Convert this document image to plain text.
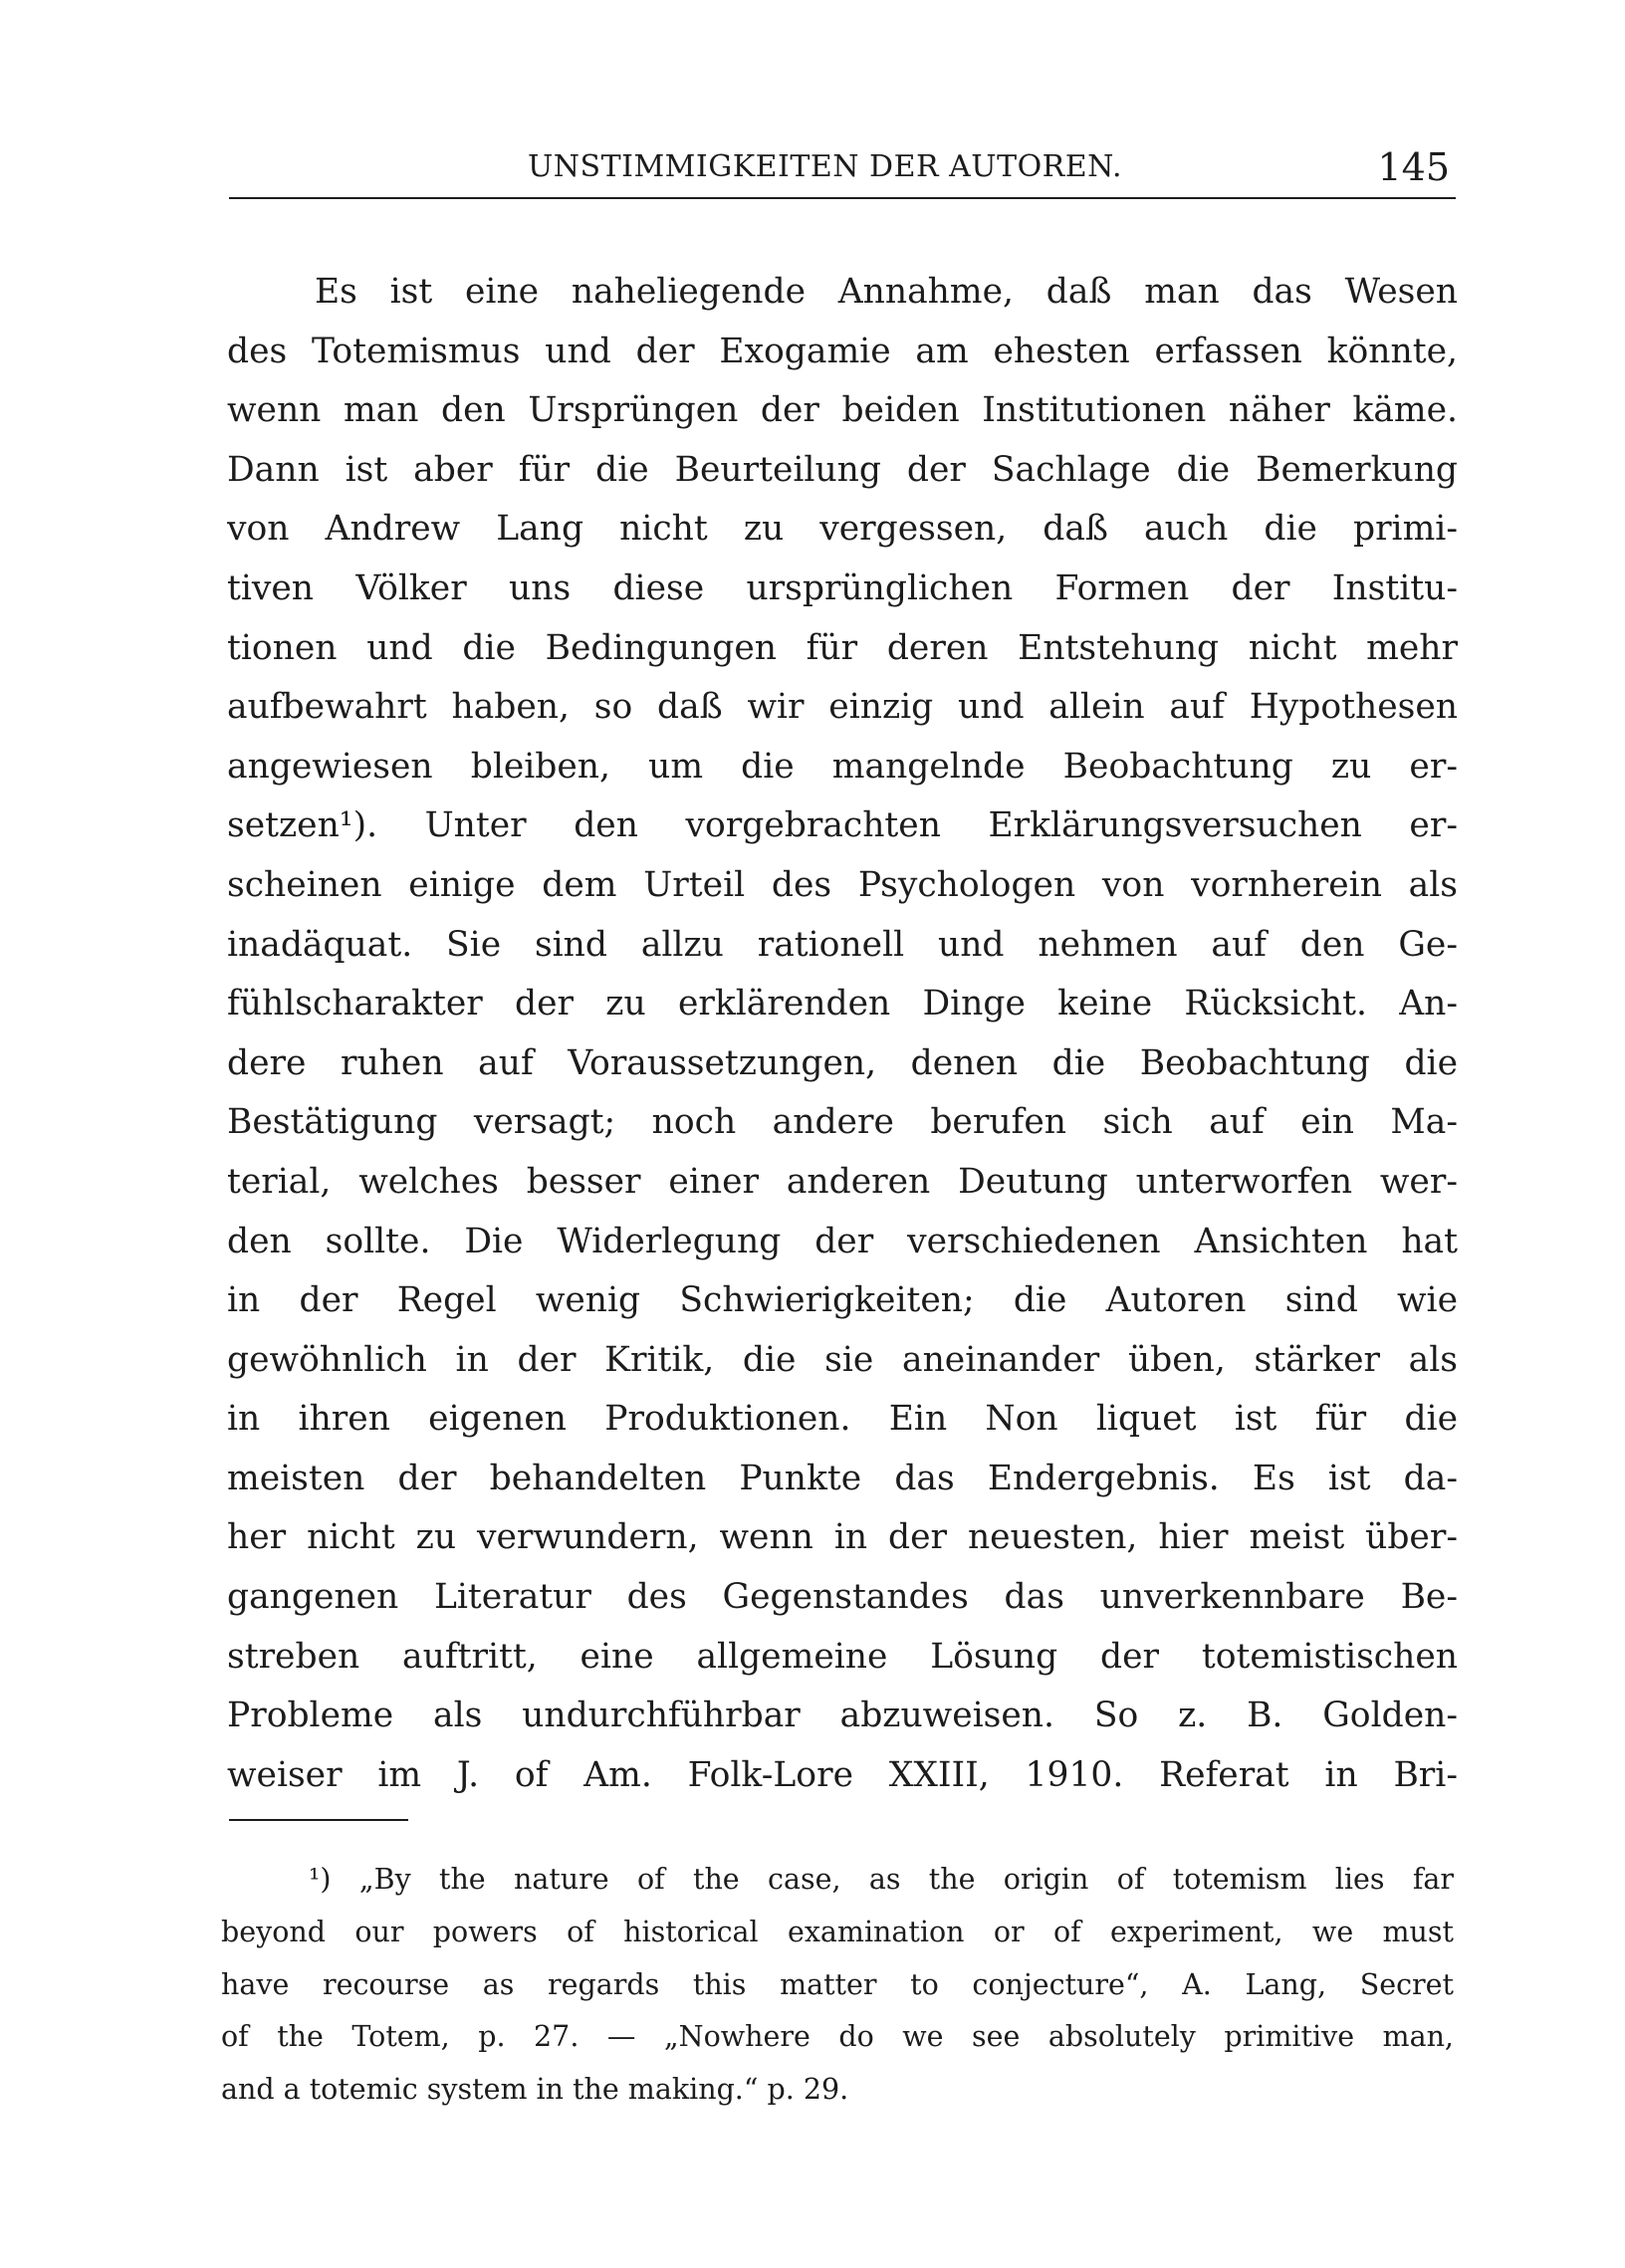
UNSTIMMIGKEITEN DER AUTOREN.	145
Es ist eine naheliegende Annahme, daß man das Wesen
des Totemismus und der Exogamie am ehesten erfassen könnte,
wenn man den Ursprüngen der beiden Institutionen näher käme.
Dann ist aber für die Beurteilung der Sachlage die Bemerkung
von Andrew Lang nicht zu vergessen, daß auch die primi-
tiven Völker uns diese ursprünglichen Formen der Institu-
tionen und die Bedingungen für deren Entstehung nicht mehr
aufbewahrt haben, so daß wir einzig und allein auf Hypothesen
angewiesen bleiben, um die mangelnde Beobachtung zu er-
setzen¹). Unter den vorgebrachten Erklärungsversuchen er-
scheinen einige dem Urteil des Psychologen von vornherein als
inadäquat. Sie sind allzu rationell und nehmen auf den Ge-
fühlscharakter der zu erklärenden Dinge keine Rücksicht. An-
dere ruhen auf Voraussetzungen, denen die Beobachtung die
Bestätigung versagt; noch andere berufen sich auf ein Ma-
terial, welches besser einer anderen Deutung unterworfen wer-
den sollte. Die Widerlegung der verschiedenen Ansichten hat
in der Regel wenig Schwierigkeiten; die Autoren sind wie
gewöhnlich in der Kritik, die sie aneinander üben, stärker als
in ihren eigenen Produktionen. Ein Non liquet ist für die
meisten der behandelten Punkte das Endergebnis. Es ist da-
her nicht zu verwundern, wenn in der neuesten, hier meist über-
gangenen Literatur des Gegenstandes das unverkennbare Be-
streben auftritt, eine allgemeine Lösung der totemistischen
Probleme als undurchführbar abzuweisen. So z. B. Golden-
weiser im J. of Am. Folk-Lore XXIII, 1910. Referat in Bri-
¹) „By the nature of the case, as the origin of totemism lies far
beyond our powers of historical examination or of experiment, we must
have recourse as regards this matter to conjecture“, A. Lang, Secret
of the Totem, p. 27. — „Nowhere do we see absolutely primitive man,
and a totemic system in the making.“ p. 29.
